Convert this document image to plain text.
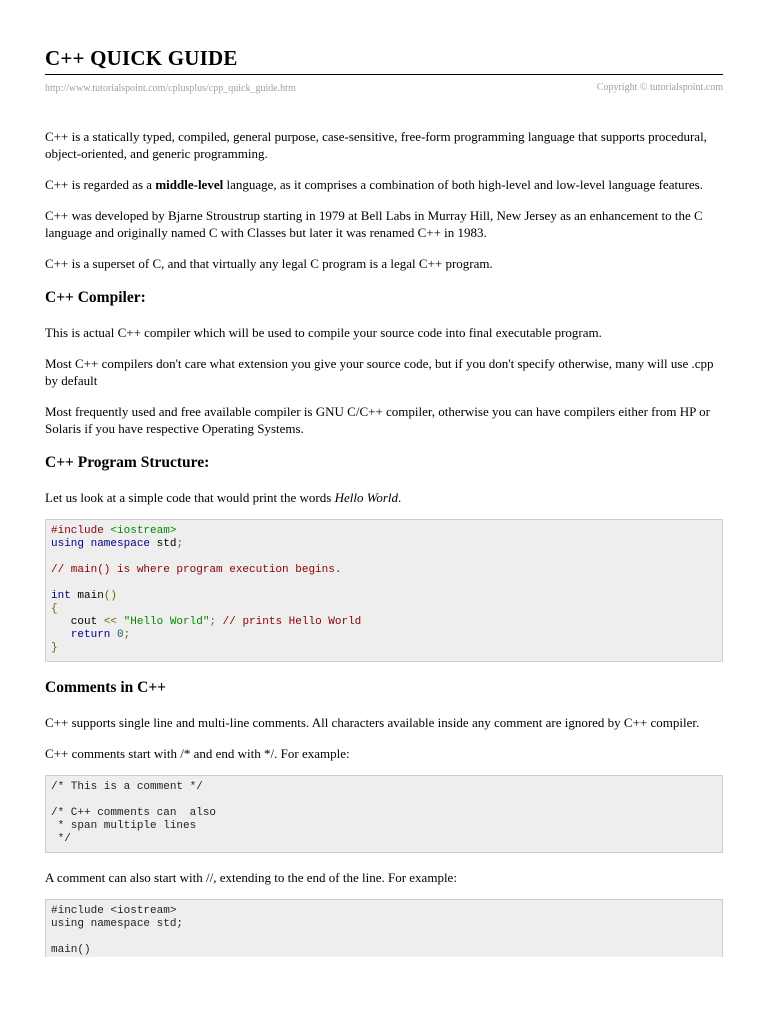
C++ QUICK GUIDE
http://www.tutorialspoint.com/cplusplus/cpp_quick_guide.htm	Copyright © tutorialspoint.com

C++ is a statically typed, compiled, general purpose, case-sensitive, free-form programming language that supports procedural, object-oriented, and generic programming.

C++ is regarded as a middle-level language, as it comprises a combination of both high-level and low-level language features.

C++ was developed by Bjarne Stroustrup starting in 1979 at Bell Labs in Murray Hill, New Jersey as an enhancement to the C language and originally named C with Classes but later it was renamed C++ in 1983.

C++ is a superset of C, and that virtually any legal C program is a legal C++ program.

C++ Compiler:

This is actual C++ compiler which will be used to compile your source code into final executable program.

Most C++ compilers don't care what extension you give your source code, but if you don't specify otherwise, many will use .cpp by default

Most frequently used and free available compiler is GNU C/C++ compiler, otherwise you can have compilers either from HP or Solaris if you have respective Operating Systems.

C++ Program Structure:

Let us look at a simple code that would print the words Hello World.

#include <iostream>
using namespace std;
// main() is where program execution begins.
int main()
{
cout << "Hello World"; // prints Hello World
return 0;
}
Comments in C++

C++ supports single line and multi-line comments. All characters available inside any comment are ignored by C++ compiler.

C++ comments start with /* and end with */. For example:

/* This is a comment */
/* C++ comments can  also
* span multiple lines
*/

A comment can also start with //, extending to the end of the line. For example:

#include <iostream>
using namespace std;
main()
